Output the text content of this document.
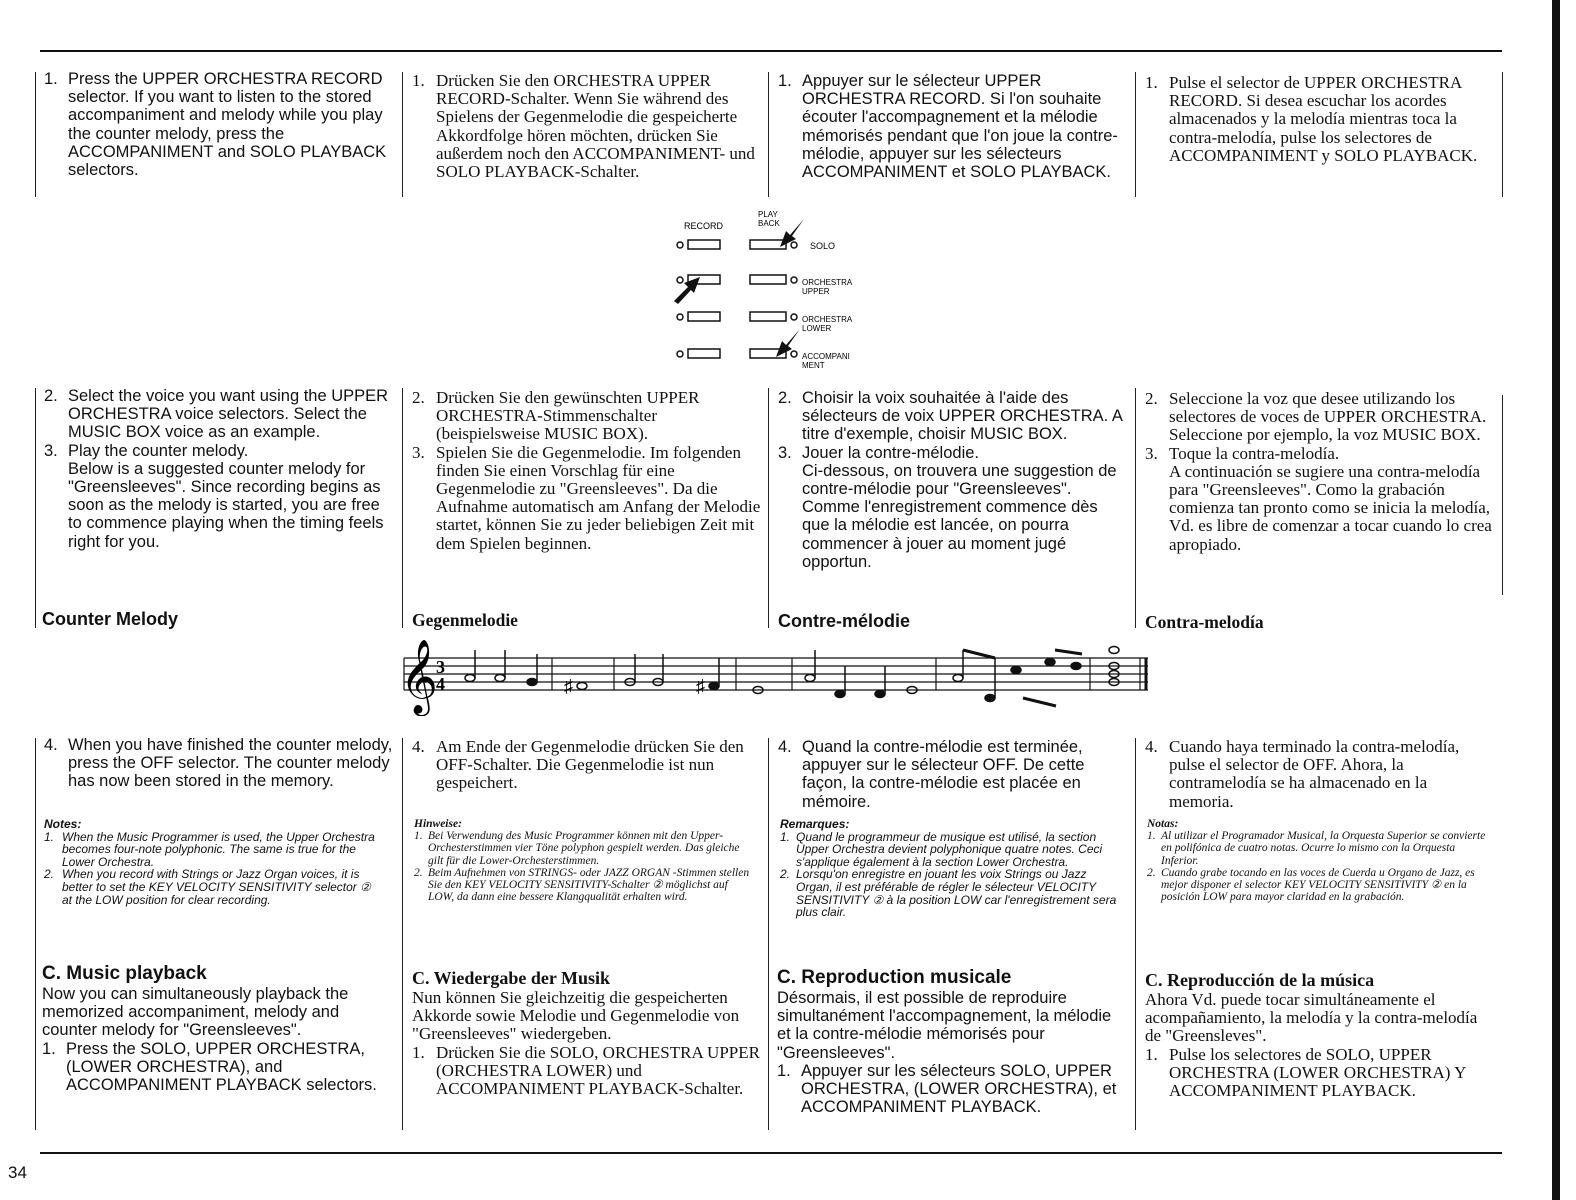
1. Press the UPPER ORCHESTRA RECORD selector. If you want to listen to the stored accompaniment and melody while you play the counter melody, press the ACCOMPANIMENT and SOLO PLAYBACK selectors.
2. Select the voice you want using the UPPER ORCHESTRA voice selectors. Select the MUSIC BOX voice as an example.
3. Play the counter melody.
Below is a suggested counter melody for "Greensleeves". Since recording begins as soon as the melody is started, you are free to commence playing when the timing feels right for you.
Counter Melody
4. When you have finished the counter melody, press the OFF selector. The counter melody has now been stored in the memory.
Notes:
1. When the Music Programmer is used, the Upper Orchestra becomes four-note polyphonic. The same is true for the Lower Orchestra.
2. When you record with Strings or Jazz Organ voices, it is better to set the KEY VELOCITY SENSITIVITY selector ② at the LOW position for clear recording.
C. Music playback
Now you can simultaneously playback the memorized accompaniment, melody and counter melody for "Greensleeves".
1. Press the SOLO, UPPER ORCHESTRA, (LOWER ORCHESTRA), and ACCOMPANIMENT PLAYBACK selectors.
1. Drücken Sie den ORCHESTRA UPPER RECORD-Schalter. Wenn Sie während des Spielens der Gegenmelodie die gespeicherte Akkordfolge hören möchten, drücken Sie außerdem noch den ACCOMPANIMENT- und SOLO PLAYBACK-Schalter.
2. Drücken Sie den gewünschten UPPER ORCHESTRA-Stimmenschalter (beispielsweise MUSIC BOX).
3. Spielen Sie die Gegenmelodie. Im folgenden finden Sie einen Vorschlag für eine Gegenmelodie zu "Greensleeves". Da die Aufnahme automatisch am Anfang der Melodie startet, können Sie zu jeder beliebigen Zeit mit dem Spielen beginnen.
Gegenmelodie
4. Am Ende der Gegenmelodie drücken Sie den OFF-Schalter. Die Gegenmelodie ist nun gespeichert.
Hinweise:
1. Bei Verwendung des Music Programmer können mit den Upper-Orchesterstimmen vier Töne polyphon gespielt werden. Das gleiche gilt für die Lower-Orchesterstimmen.
2. Beim Aufnehmen von STRINGS- oder JAZZ ORGAN -Stimmen stellen Sie den KEY VELOCITY SENSITIVITY-Schalter ② möglichst auf LOW, da dann eine bessere Klangqualität erhalten wird.
C. Wiedergabe der Musik
Nun können Sie gleichzeitig die gespeicherten Akkorde sowie Melodie und Gegenmelodie von "Greensleeves" wiedergeben.
1. Drücken Sie die SOLO, ORCHESTRA UPPER (ORCHESTRA LOWER) und ACCOMPANIMENT PLAYBACK-Schalter.
1. Appuyer sur le sélecteur UPPER ORCHESTRA RECORD. Si l'on souhaite écouter l'accompagnement et la mélodie mémorisés pendant que l'on joue la contre-mélodie, appuyer sur les sélecteurs ACCOMPANIMENT et SOLO PLAYBACK.
2. Choisir la voix souhaitée à l'aide des sélecteurs de voix UPPER ORCHESTRA. A titre d'exemple, choisir MUSIC BOX.
3. Jouer la contre-mélodie.
Ci-dessous, on trouvera une suggestion de contre-mélodie pour "Greensleeves". Comme l'enregistrement commence dès que la mélodie est lancée, on pourra commencer à jouer au moment jugé opportun.
Contre-mélodie
4. Quand la contre-mélodie est terminée, appuyer sur le sélecteur OFF. De cette façon, la contre-mélodie est placée en mémoire.
Remarques:
1. Quand le programmeur de musique est utilisé, la section Upper Orchestra devient polyphonique quatre notes. Ceci s'applique également à la section Lower Orchestra.
2. Lorsqu'on enregistre en jouant les voix Strings ou Jazz Organ, il est préférable de régler le sélecteur VELOCITY SENSITIVITY ② à la position LOW car l'enregistrement sera plus clair.
C. Reproduction musicale
Désormais, il est possible de reproduire simultanément l'accompagnement, la mélodie et la contre-mélodie mémorisés pour "Greensleeves".
1. Appuyer sur les sélecteurs SOLO, UPPER ORCHESTRA, (LOWER ORCHESTRA), et ACCOMPANIMENT PLAYBACK.
1. Pulse el selector de UPPER ORCHESTRA RECORD. Si desea escuchar los acordes almacenados y la melodía mientras toca la contra-melodía, pulse los selectores de ACCOMPANIMENT y SOLO PLAYBACK.
2. Seleccione la voz que desee utilizando los selectores de voces de UPPER ORCHESTRA. Seleccione por ejemplo, la voz MUSIC BOX.
3. Toque la contra-melodía.
A continuación se sugiere una contra-melodía para "Greensleeves". Como la grabación comienza tan pronto como se inicia la melodía, Vd. es libre de comenzar a tocar cuando lo crea apropiado.
Contra-melodía
4. Cuando haya terminado la contra-melodía, pulse el selector de OFF. Ahora, la contramelodía se ha almacenado en la memoria.
Notas:
1. Al utilizar el Programador Musical, la Orquesta Superior se convierte en polifónica de cuatro notas. Ocurre lo mismo con la Orquesta Inferior.
2. Cuando grabe tocando en las voces de Cuerda u Organo de Jazz, es mejor disponer el selector KEY VELOCITY SENSITIVITY ② en la posición LOW para mayor claridad en la grabación.
C. Reproducción de la música
Ahora Vd. puede tocar simultáneamente el acompañamiento, la melodía y la contra-melodía de "Greensleves".
1. Pulse los selectores de SOLO, UPPER ORCHESTRA (LOWER ORCHESTRA) Y ACCOMPANIMENT PLAYBACK.
RECORD
PLAY
BACK
SOLO
ORCHESTRA
UPPER
ORCHESTRA
LOWER
ACCOMPANI
MENT
𝄞
3
4	♯	♯
34
